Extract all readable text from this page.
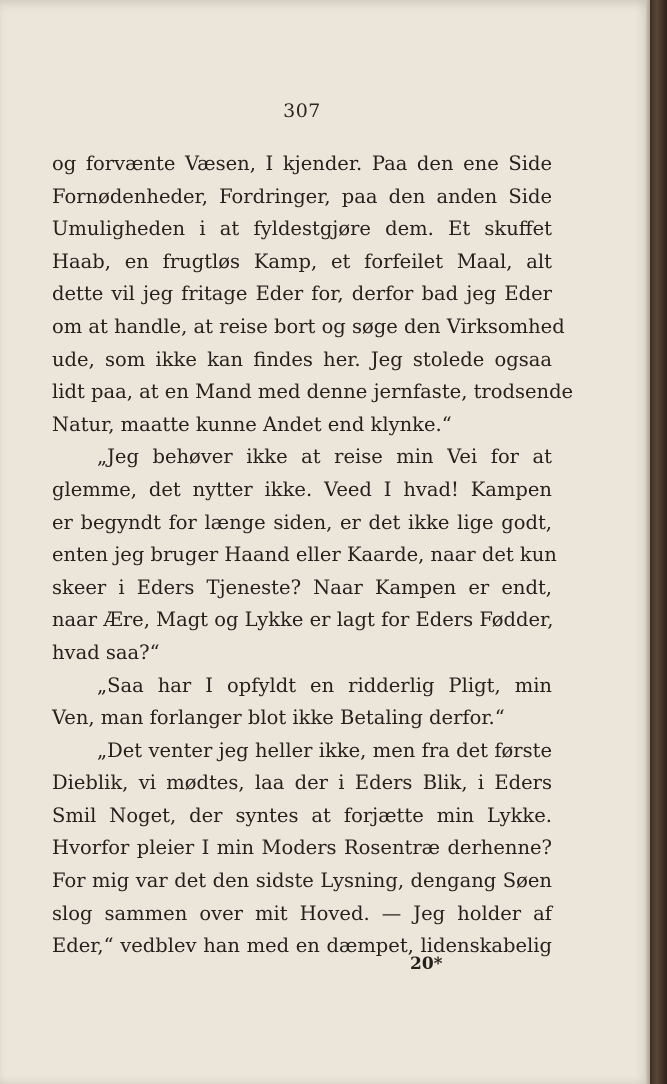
307
og forvænte Væsen, I kjender. Paa den ene Side
Fornødenheder, Fordringer, paa den anden Side
Umuligheden i at fyldestgjøre dem. Et skuffet
Haab, en frugtløs Kamp, et forfeilet Maal, alt
dette vil jeg fritage Eder for, derfor bad jeg Eder
om at handle, at reise bort og søge den Virksomhed
ude, som ikke kan findes her. Jeg stolede ogsaa
lidt paa, at en Mand med denne jernfaste, trodsende
Natur, maatte kunne Andet end klynke.“
„Jeg behøver ikke at reise min Vei for at
glemme, det nytter ikke. Veed I hvad! Kampen
er begyndt for længe siden, er det ikke lige godt,
enten jeg bruger Haand eller Kaarde, naar det kun
skeer i Eders Tjeneste? Naar Kampen er endt,
naar Ære, Magt og Lykke er lagt for Eders Fødder,
hvad saa?“
„Saa har I opfyldt en ridderlig Pligt, min
Ven, man forlanger blot ikke Betaling derfor.“
„Det venter jeg heller ikke, men fra det første
Dieblik, vi mødtes, laa der i Eders Blik, i Eders
Smil Noget, der syntes at forjætte min Lykke.
Hvorfor pleier I min Moders Rosentræ derhenne?
For mig var det den sidste Lysning, dengang Søen
slog sammen over mit Hoved. — Jeg holder af
Eder,“ vedblev han med en dæmpet, lidenskabelig
20*
